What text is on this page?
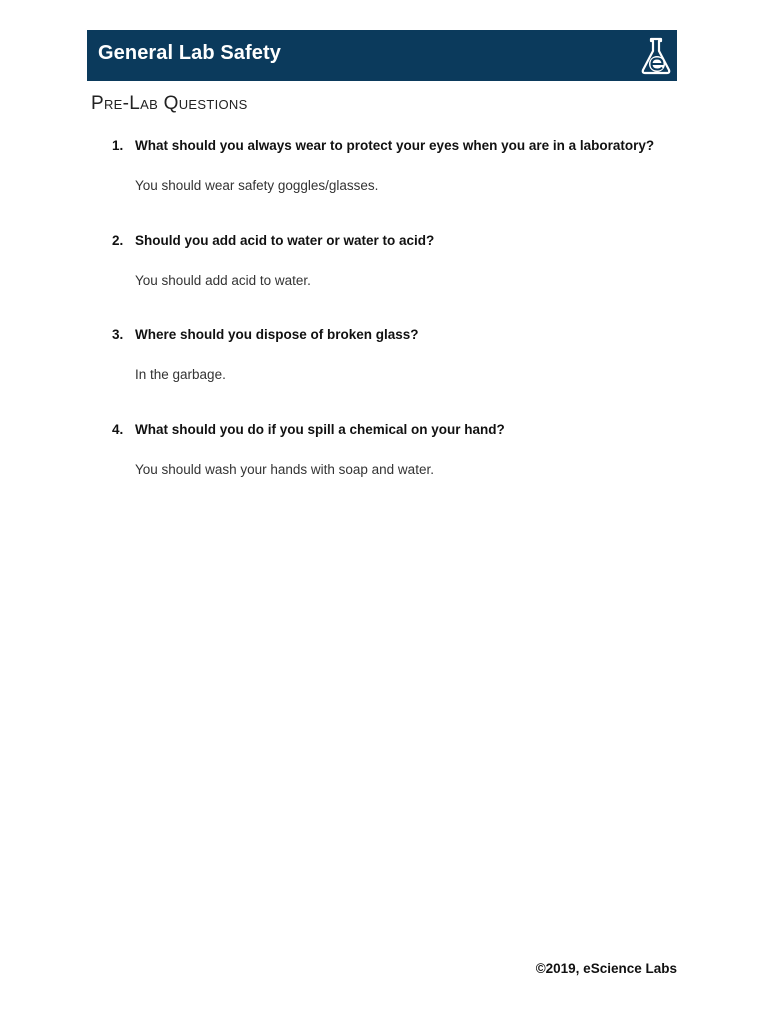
General Lab Safety
Pre-Lab Questions
1. What should you always wear to protect your eyes when you are in a laboratory?
You should wear safety goggles/glasses.
2. Should you add acid to water or water to acid?
You should add acid to water.
3. Where should you dispose of broken glass?
In the garbage.
4. What should you do if you spill a chemical on your hand?
You should wash your hands with soap and water.
©2019, eScience Labs
